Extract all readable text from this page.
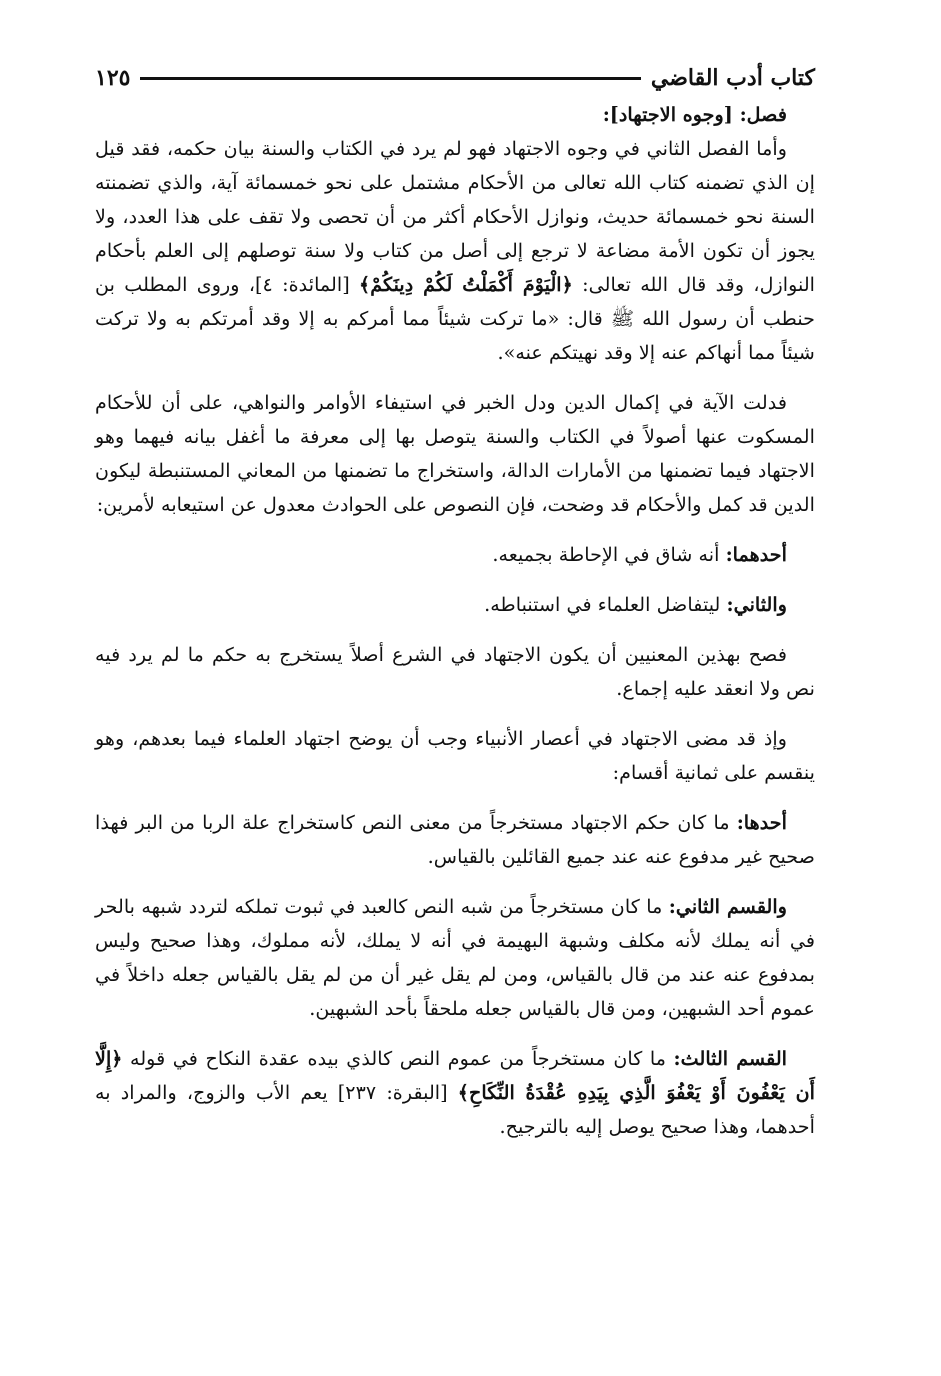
كتاب أدب القاضي
١٢٥

فصل: [وجوه الاجتهاد]:

وأما الفصل الثاني في وجوه الاجتهاد فهو لم يرد في الكتاب والسنة بيان حكمه، فقد قيل إن الذي تضمنه كتاب الله تعالى من الأحكام مشتمل على نحو خمسمائة آية، والذي تضمنته السنة نحو خمسمائة حديث، ونوازل الأحكام أكثر من أن تحصى ولا تقف على هذا العدد، ولا يجوز أن تكون الأمة مضاعة لا ترجع إلى أصل من كتاب ولا سنة توصلهم إلى العلم بأحكام النوازل، وقد قال الله تعالى: ﴿الْيَوْمَ أَكْمَلْتُ لَكُمْ دِينَكُمْ﴾ [المائدة: ٤]، وروى المطلب بن حنطب أن رسول الله ﷺ قال: «ما تركت شيئاً مما أمركم به إلا وقد أمرتكم به ولا تركت شيئاً مما أنهاكم عنه إلا وقد نهيتكم عنه».

فدلت الآية في إكمال الدين ودل الخبر في استيفاء الأوامر والنواهي، على أن للأحكام المسكوت عنها أصولاً في الكتاب والسنة يتوصل بها إلى معرفة ما أغفل بيانه فيهما وهو الاجتهاد فيما تضمنها من الأمارات الدالة، واستخراج ما تضمنها من المعاني المستنبطة ليكون الدين قد كمل والأحكام قد وضحت، فإن النصوص على الحوادث معدول عن استيعابه لأمرين:

أحدهما: أنه شاق في الإحاطة بجميعه.

والثاني: ليتفاضل العلماء في استنباطه.

فصح بهذين المعنيين أن يكون الاجتهاد في الشرع أصلاً يستخرج به حكم ما لم يرد فيه نص ولا انعقد عليه إجماع.

وإذ قد مضى الاجتهاد في أعصار الأنبياء وجب أن يوضح اجتهاد العلماء فيما بعدهم، وهو ينقسم على ثمانية أقسام:

أحدها: ما كان حكم الاجتهاد مستخرجاً من معنى النص كاستخراج علة الربا من البر فهذا صحيح غير مدفوع عنه عند جميع القائلين بالقياس.

والقسم الثاني: ما كان مستخرجاً من شبه النص كالعبد في ثبوت تملكه لتردد شبهه بالحر في أنه يملك لأنه مكلف وشبهة البهيمة في أنه لا يملك، لأنه مملوك، وهذا صحيح وليس بمدفوع عنه عند من قال بالقياس، ومن لم يقل غير أن من لم يقل بالقياس جعله داخلاً في عموم أحد الشبهين، ومن قال بالقياس جعله ملحقاً بأحد الشبهين.

القسم الثالث: ما كان مستخرجاً من عموم النص كالذي بيده عقدة النكاح في قوله ﴿إِلَّا أَن يَعْفُونَ أَوْ يَعْفُوَ الَّذِي بِيَدِهِ عُقْدَةُ النِّكَاحِ﴾ [البقرة: ٢٣٧] يعم الأب والزوج، والمراد به أحدهما، وهذا صحيح يوصل إليه بالترجيح.
